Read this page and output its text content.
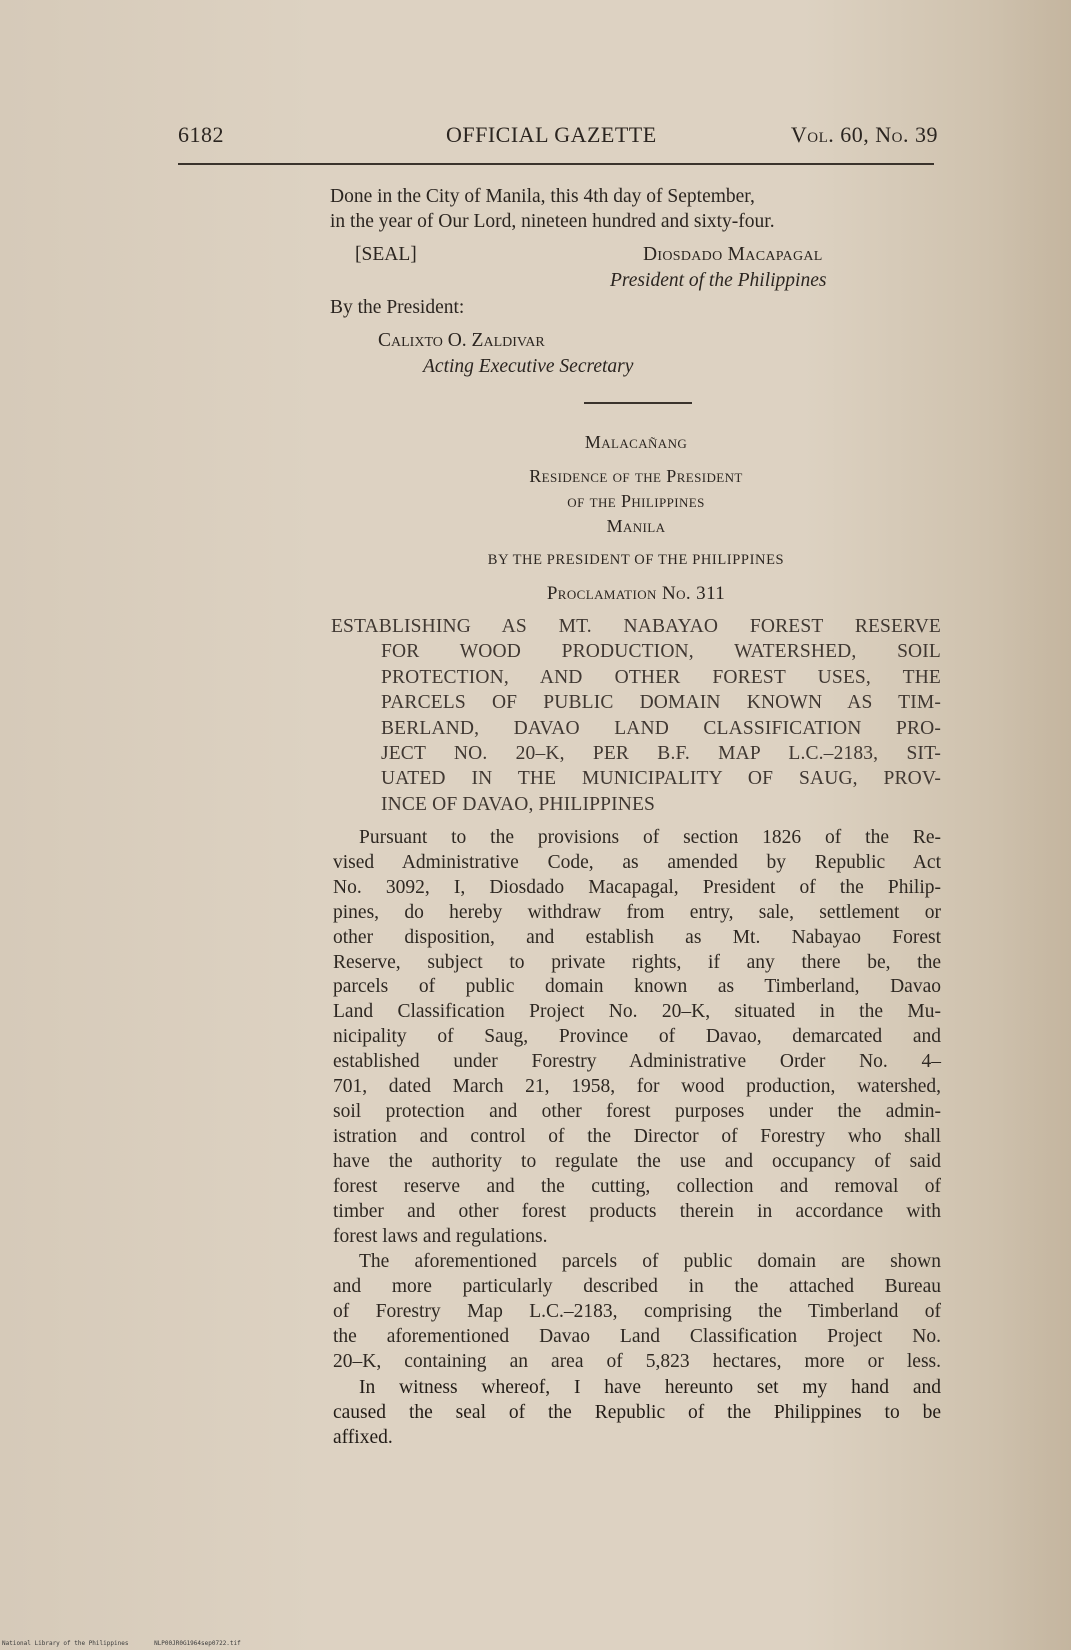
6182	OFFICIAL GAZETTE	Vol. 60, No. 39

Done in the City of Manila, this 4th day of September,

in the year of Our Lord, nineteen hundred and sixty-four.

[SEAL]	Diosdado Macapagal
President of the Philippines
By the President:
Calixto O. Zaldivar
Acting Executive Secretary
Malacañang
Residence of the President
of the Philippines
Manila
BY THE PRESIDENT OF THE PHILIPPINES
Proclamation No. 311
ESTABLISHING AS MT. NABAYAO FOREST RESERVE
FOR WOOD PRODUCTION, WATERSHED, SOIL
PROTECTION, AND OTHER FOREST USES, THE
PARCELS OF PUBLIC DOMAIN KNOWN AS TIM-
BERLAND, DAVAO LAND CLASSIFICATION PRO-
JECT NO. 20–K, PER B.F. MAP L.C.–2183, SIT-
UATED IN THE MUNICIPALITY OF SAUG, PROV-
INCE OF DAVAO, PHILIPPINES
Pursuant to the provisions of section 1826 of the Re-
vised Administrative Code, as amended by Republic Act
No. 3092, I, Diosdado Macapagal, President of the Philip-
pines, do hereby withdraw from entry, sale, settlement or
other disposition, and establish as Mt. Nabayao Forest
Reserve, subject to private rights, if any there be, the
parcels of public domain known as Timberland, Davao
Land Classification Project No. 20–K, situated in the Mu-
nicipality of Saug, Province of Davao, demarcated and
established under Forestry Administrative Order No. 4–
701, dated March 21, 1958, for wood production, watershed,
soil protection and other forest purposes under the admin-
istration and control of the Director of Forestry who shall
have the authority to regulate the use and occupancy of said
forest reserve and the cutting, collection and removal of
timber and other forest products therein in accordance with
forest laws and regulations.
The aforementioned parcels of public domain are shown
and more particularly described in the attached Bureau
of Forestry Map L.C.–2183, comprising the Timberland of
the aforementioned Davao Land Classification Project No.
20–K, containing an area of 5,823 hectares, more or less.
In witness whereof, I have hereunto set my hand and
caused the seal of the Republic of the Philippines to be
affixed.
National Library of the Philippines	NLP00JR0G1964sep0722.tif
